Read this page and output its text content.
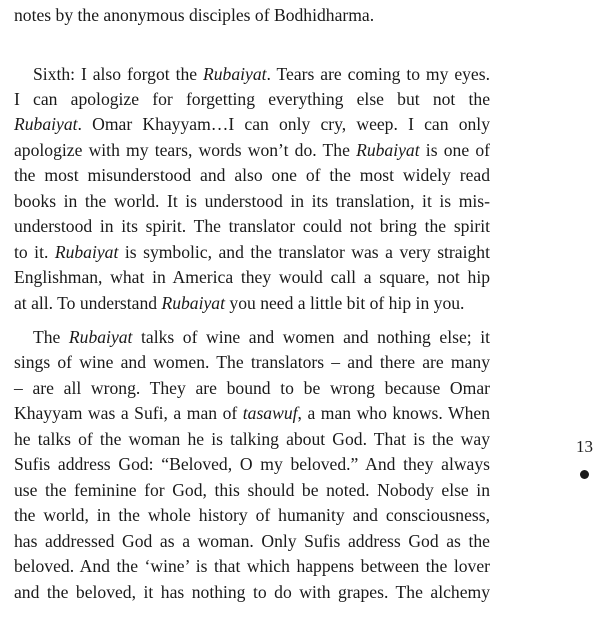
notes by the anonymous disciples of Bodhidharma.
Sixth: I also forgot the Rubaiyat. Tears are coming to my eyes.
I can apologize for forgetting everything else but not the
Rubaiyat. Omar Khayyam…I can only cry, weep. I can only
apologize with my tears, words won’t do. The Rubaiyat is one of
the most misunderstood and also one of the most widely read
books in the world. It is understood in its translation, it is mis-
understood in its spirit. The translator could not bring the spirit
to it. Rubaiyat is symbolic, and the translator was a very straight
Englishman, what in America they would call a square, not hip
at all. To understand Rubaiyat you need a little bit of hip in you.
The Rubaiyat talks of wine and women and nothing else; it
sings of wine and women. The translators – and there are many
– are all wrong. They are bound to be wrong because Omar
Khayyam was a Sufi, a man of tasawuf, a man who knows. When
he talks of the woman he is talking about God. That is the way
Sufis address God: “Beloved, O my beloved.” And they always
use the feminine for God, this should be noted. Nobody else in
the world, in the whole history of humanity and consciousness,
has addressed God as a woman. Only Sufis address God as the
beloved. And the ‘wine’ is that which happens between the lover
and the beloved, it has nothing to do with grapes. The alchemy
13
